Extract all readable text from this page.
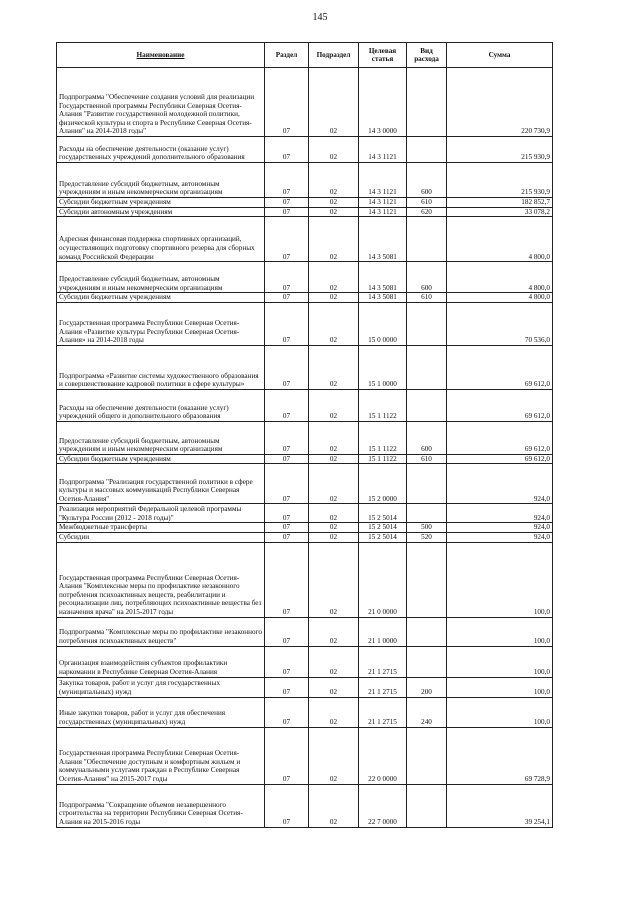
145
Наименование	Раздел	Подраздел	Целевая статья	Вид расхода	Сумма
Подпрограмма "Обеспечение создания условий для реализации Государственной программы Республики Северная Осетия-Алания "Развитие государственной молодежной политики, физической культуры и спорта в Республике Северная Осетия-Алания" на 2014-2018 годы"	07	02	14 3 0000		220 730,9
Расходы на обеспечение деятельности (оказание услуг) государственных учреждений дополнительного образования	07	02	14 3 1121		215 930,9
Предоставление субсидий бюджетным, автономным учреждениям и иным некоммерческим организациям	07	02	14 3 1121	600	215 930,9
Субсидии бюджетным учреждениям	07	02	14 3 1121	610	182 852,7
Субсидии автономным учреждениям	07	02	14 3 1121	620	33 078,2
Адресная финансовая поддержка спортивных организаций, осуществляющих подготовку спортивного резерва для сборных команд Российской Федерации	07	02	14 3 5081		4 800,0
Предоставление субсидий бюджетным, автономным учреждениям и иным некоммерческим организациям	07	02	14 3 5081	600	4 800,0
Субсидии бюджетным учреждениям	07	02	14 3 5081	610	4 800,0
Государственная программа Республики Северная Осетия-Алания «Развитие культуры Республики Северная Осетия-Алания» на 2014-2018 годы	07	02	15 0 0000		70 536,0
Подпрограмма «Развитие системы художественного образования и совершенствование кадровой политики в сфере культуры»	07	02	15 1 0000		69 612,0
Расходы на обеспечение деятельности (оказание услуг) учреждений общего и дополнительного образования	07	02	15 1 1122		69 612,0
Предоставление субсидий бюджетным, автономным учреждениям и иным некоммерческим организациям	07	02	15 1 1122	600	69 612,0
Субсидии бюджетным учреждениям	07	02	15 1 1122	610	69 612,0
Подпрограмма "Реализация государственной политики в сфере культуры и массовых коммуникаций Республики Северная Осетия-Алания"	07	02	15 2 0000		924,0
Реализация мероприятий Федеральной целевой программы "Культура России (2012 - 2018 годы)"	07	02	15 2 5014		924,0
Межбюджетные трансферты	07	02	15 2 5014	500	924,0
Субсидии	07	02	15 2 5014	520	924,0
Государственная программа Республики Северная Осетия-Алания "Комплексные меры по профилактике незаконного потребления психоактивных веществ, реабилитации и ресоциализации лиц, потребляющих психоактивные вещества без назначения врача" на 2015-2017 годы	07	02	21 0 0000		100,0
Подпрограмма "Комплексные меры по профилактике незаконного потребления психоактивных веществ"	07	02	21 1 0000		100,0
Организация взаимодействия субъектов профилактики наркомании в Республике Северная Осетия-Алания	07	02	21 1 2715		100,0
Закупка товаров, работ и услуг для государственных (муниципальных) нужд	07	02	21 1 2715	200	100,0
Иные закупки товаров, работ и услуг для обеспечения государственных (муниципальных) нужд	07	02	21 1 2715	240	100,0
Государственная программа Республики Северная Осетия-Алания "Обеспечение доступным и комфортным жильем и коммунальными услугами граждан в Республике Северная Осетия-Алания" на 2015-2017 годы	07	02	22 0 0000		69 728,9
Подпрограмма "Сокращение объемов незавершенного строительства на территории Республики Северная Осетия-Алания на 2015-2016 годы	07	02	22 7 0000		39 254,1
